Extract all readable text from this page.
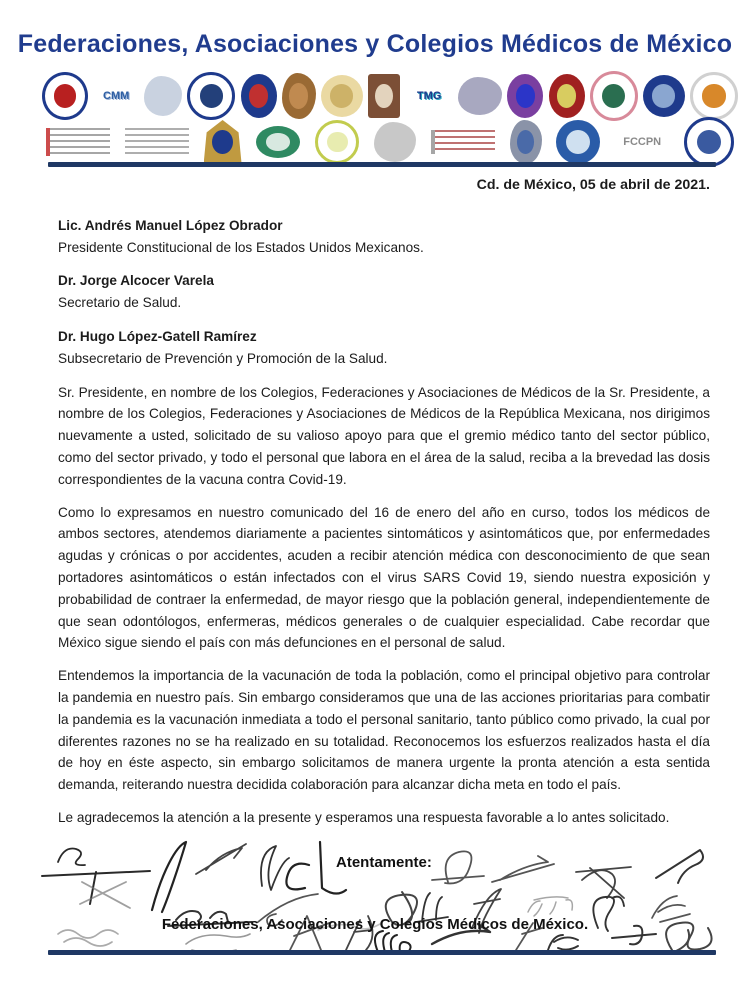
Federaciones, Asociaciones y Colegios Médicos de México
CMM	TMG
FCCPN

Cd. de México, 05 de abril de 2021.

Lic. Andrés Manuel López Obrador

Presidente Constitucional de los Estados Unidos Mexicanos.

Dr. Jorge Alcocer Varela

Secretario de Salud.

Dr. Hugo López-Gatell Ramírez

Subsecretario de Prevención y Promoción de la Salud.

Sr. Presidente, en nombre de los Colegios, Federaciones y Asociaciones de Médicos de la Sr. Presidente, a nombre de los Colegios, Federaciones y Asociaciones de Médicos de la República Mexicana, nos dirigimos nuevamente a usted, solicitado de su valioso apoyo para que el gremio médico tanto del sector público, como del sector privado, y todo el personal que labora en el área de la salud, reciba a la brevedad las dosis correspondientes de la vacuna contra Covid-19.

Como lo expresamos en nuestro comunicado del 16 de enero del año en curso, todos los médicos de ambos sectores, atendemos diariamente a pacientes sintomáticos y asintomáticos que, por enfermedades agudas y crónicas o por accidentes, acuden a recibir atención médica con desconocimiento de que sean portadores asintomáticos o están infectados con el virus SARS Covid 19, siendo nuestra exposición y probabilidad de contraer la enfermedad, de mayor riesgo que la población general, independientemente de que sean odontólogos, enfermeras, médicos generales o de cualquier especialidad. Cabe recordar que México sigue siendo el país con más defunciones en el personal de salud.

Entendemos la importancia de la vacunación de toda la población, como el principal objetivo para controlar la pandemia en nuestro país. Sin embargo consideramos que una de las acciones prioritarias para combatir la pandemia es la vacunación inmediata a todo el personal sanitario, tanto público como privado, la cual por diferentes razones no se ha realizado en su totalidad. Reconocemos los esfuerzos realizados hasta el día de hoy en éste aspecto, sin embargo solicitamos de manera urgente la pronta atención a esta sentida demanda, reiterando nuestra decidida colaboración para alcanzar dicha meta en todo el país.

Le agradecemos la atención a la presente y esperamos una respuesta favorable a lo antes solicitado.

Atentamente:
Federaciones, Asociaciones y Colegios Médicos de México.
